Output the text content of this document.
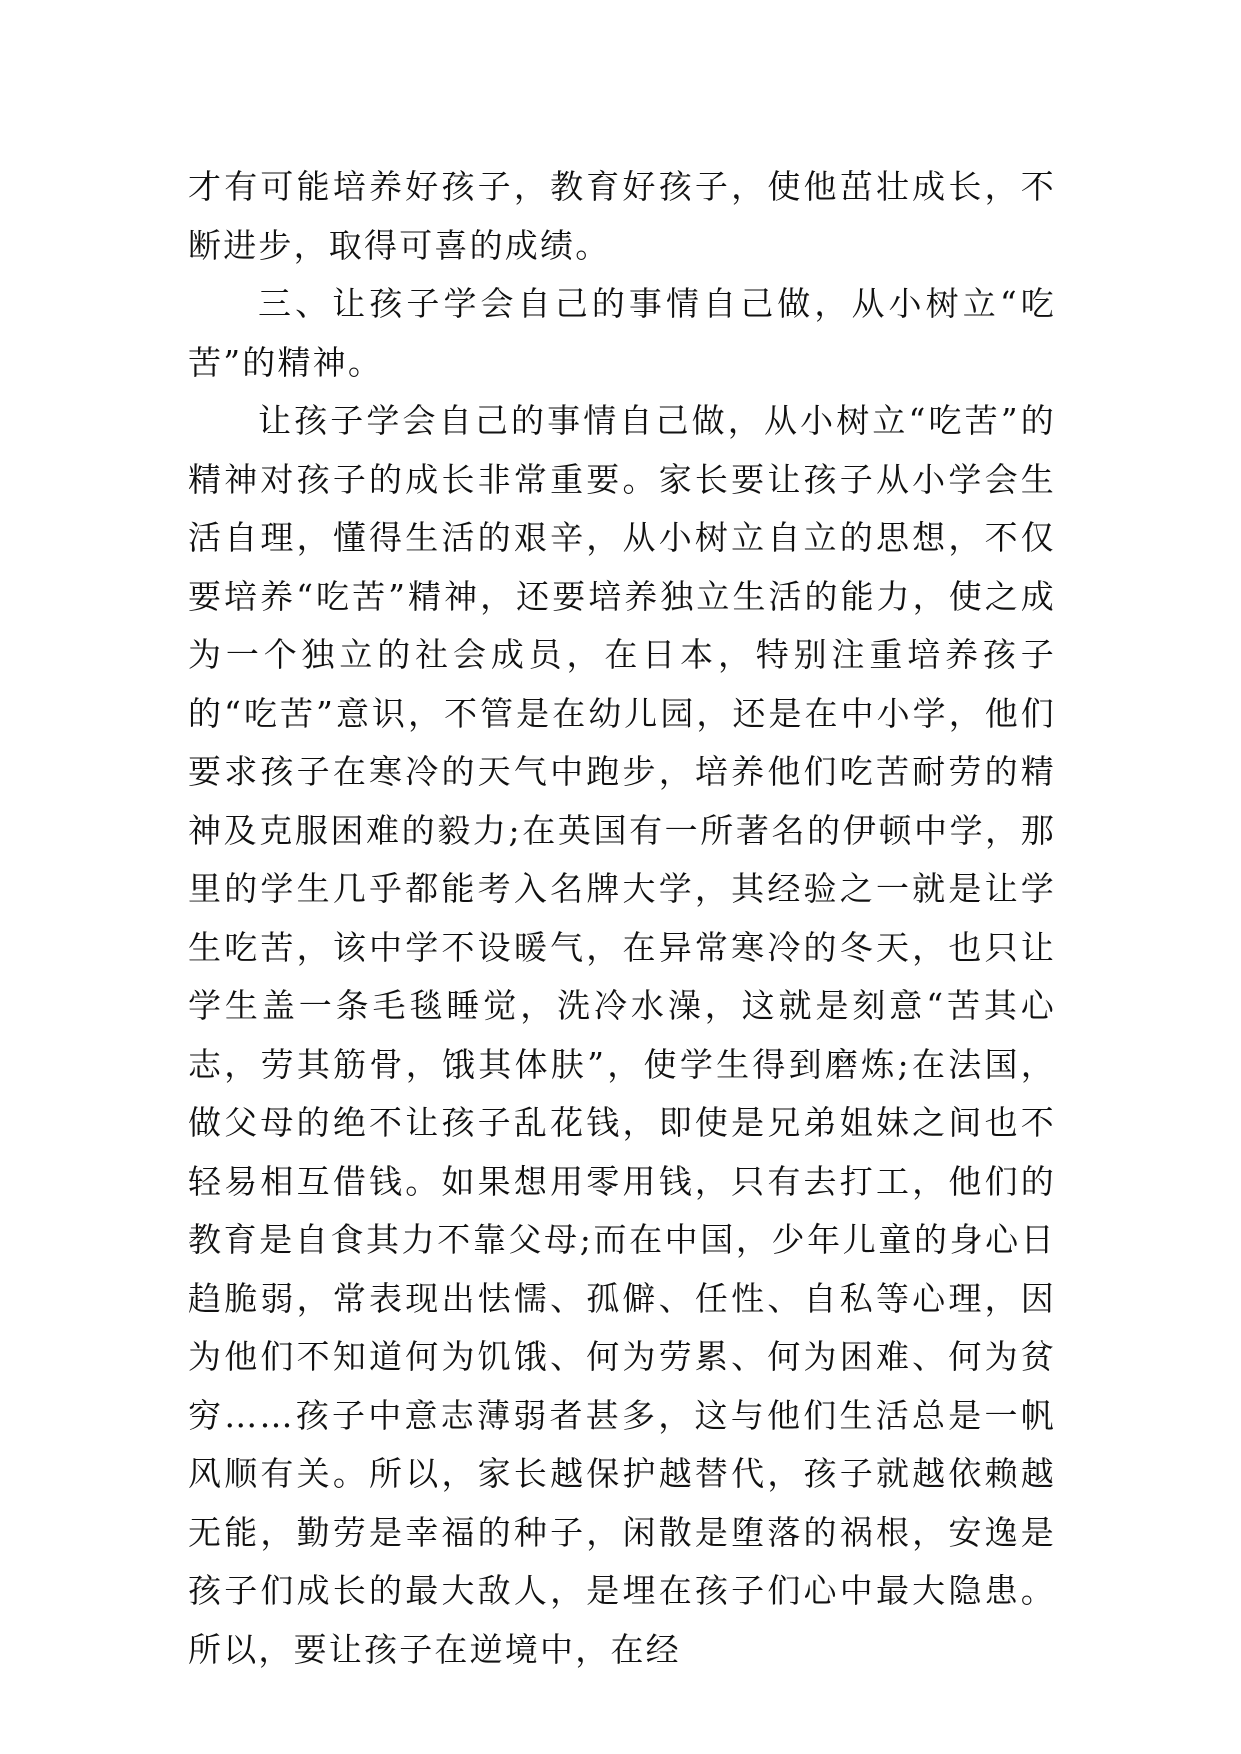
才有可能培养好孩子，教育好孩子，使他茁壮成长，不断进步，取得可喜的成绩。

三、让孩子学会自己的事情自己做，从小树立“吃苦”的精神。

让孩子学会自己的事情自己做，从小树立“吃苦”的精神对孩子的成长非常重要。家长要让孩子从小学会生活自理，懂得生活的艰辛，从小树立自立的思想，不仅要培养“吃苦”精神，还要培养独立生活的能力，使之成为一个独立的社会成员，在日本，特别注重培养孩子的“吃苦”意识，不管是在幼儿园，还是在中小学，他们要求孩子在寒冷的天气中跑步，培养他们吃苦耐劳的精神及克服困难的毅力;在英国有一所著名的伊顿中学，那里的学生几乎都能考入名牌大学，其经验之一就是让学生吃苦，该中学不设暖气，在异常寒冷的冬天，也只让学生盖一条毛毯睡觉，洗冷水澡，这就是刻意“苦其心志，劳其筋骨，饿其体肤”，使学生得到磨炼;在法国，做父母的绝不让孩子乱花钱，即使是兄弟姐妹之间也不轻易相互借钱。如果想用零用钱，只有去打工，他们的教育是自食其力不靠父母;而在中国，少年儿童的身心日趋脆弱，常表现出怯懦、孤僻、任性、自私等心理，因为他们不知道何为饥饿、何为劳累、何为困难、何为贫穷……孩子中意志薄弱者甚多，这与他们生活总是一帆风顺有关。所以，家长越保护越替代，孩子就越依赖越无能，勤劳是幸福的种子，闲散是堕落的祸根，安逸是孩子们成长的最大敌人，是埋在孩子们心中最大隐患。所以，要让孩子在逆境中，在经
